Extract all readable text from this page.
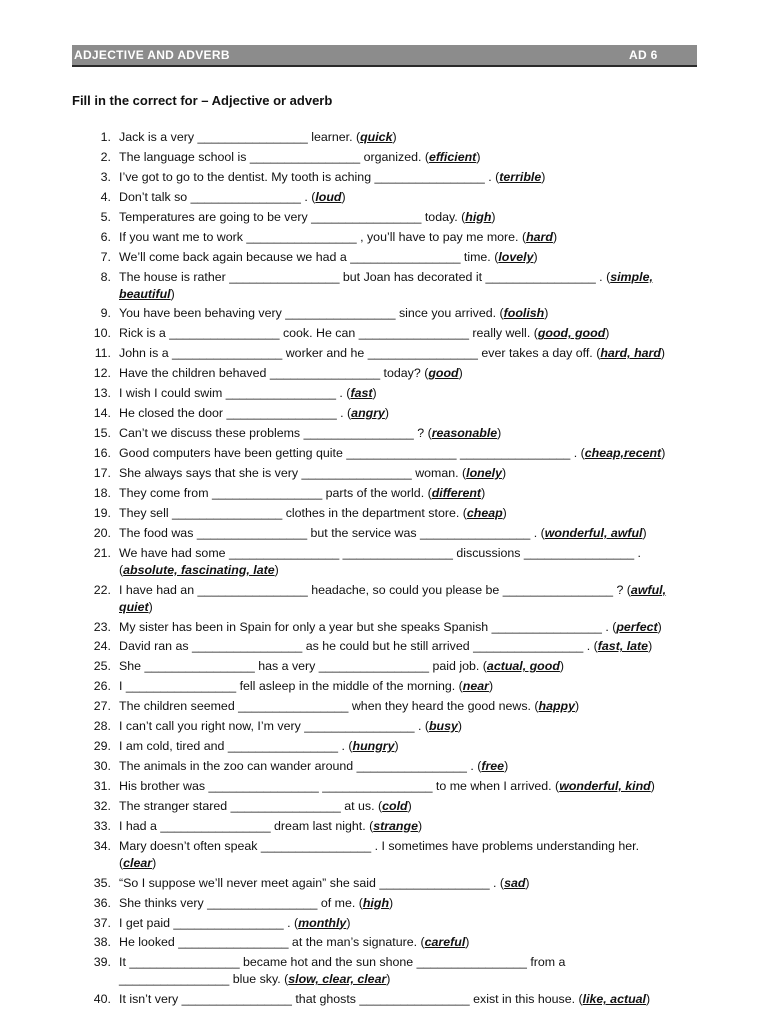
ADJECTIVE AND ADVERB	AD 6
Fill in the correct for – Adjective or adverb
1. Jack is a very ________________ learner. (quick)
2. The language school is ________________ organized. (efficient)
3. I’ve got to go to the dentist. My tooth is aching ________________ . (terrible)
4. Don’t talk so ________________ . (loud)
5. Temperatures are going to be very ________________ today. (high)
6. If you want me to work ________________ , you’ll have to pay me more. (hard)
7. We’ll come back again because we had a ________________ time. (lovely)
8. The house is rather ________________ but Joan has decorated it ________________ . (simple,
beautiful)
9. You have been behaving very ________________ since you arrived. (foolish)
10. Rick is a ________________ cook. He can ________________ really well. (good, good)
11. John is a ________________ worker and he ________________ ever takes a day off. (hard, hard)
12. Have the children behaved ________________ today? (good)
13. I wish I could swim ________________ . (fast)
14. He closed the door ________________ . (angry)
15. Can’t we discuss these problems ________________ ? (reasonable)
16. Good computers have been getting quite ________________ ________________ . (cheap,recent)
17. She always says that she is very ________________ woman. (lonely)
18. They come from ________________ parts of the world. (different)
19. They sell ________________ clothes in the department store. (cheap)
20. The food was ________________ but the service was ________________ . (wonderful, awful)
21. We have had some ________________ ________________ discussions ________________ .
(absolute, fascinating, late)
22. I have had an ________________ headache, so could you please be ________________ ? (awful,
quiet)
23. My sister has been in Spain for only a year but she speaks Spanish ________________ . (perfect)
24. David ran as ________________ as he could but he still arrived ________________ . (fast, late)
25. She ________________ has a very ________________ paid job. (actual, good)
26. I ________________ fell asleep in the middle of the morning. (near)
27. The children seemed ________________ when they heard the good news. (happy)
28. I can’t call you right now, I’m very ________________ . (busy)
29. I am cold, tired and ________________ . (hungry)
30. The animals in the zoo can wander around ________________ . (free)
31. His brother was ________________ ________________ to me when I arrived. (wonderful, kind)
32. The stranger stared ________________ at us. (cold)
33. I had a ________________ dream last night. (strange)
34. Mary doesn’t often speak ________________ . I sometimes have problems understanding her.
(clear)
35. “So I suppose we’ll never meet again” she said ________________ . (sad)
36. She thinks very ________________ of me. (high)
37. I get paid ________________ . (monthly)
38. He looked ________________ at the man’s signature. (careful)
39. It ________________ became hot and the sun shone ________________ from a
________________ blue sky. (slow, clear, clear)
40. It isn’t very ________________ that ghosts ________________ exist in this house. (like, actual)
